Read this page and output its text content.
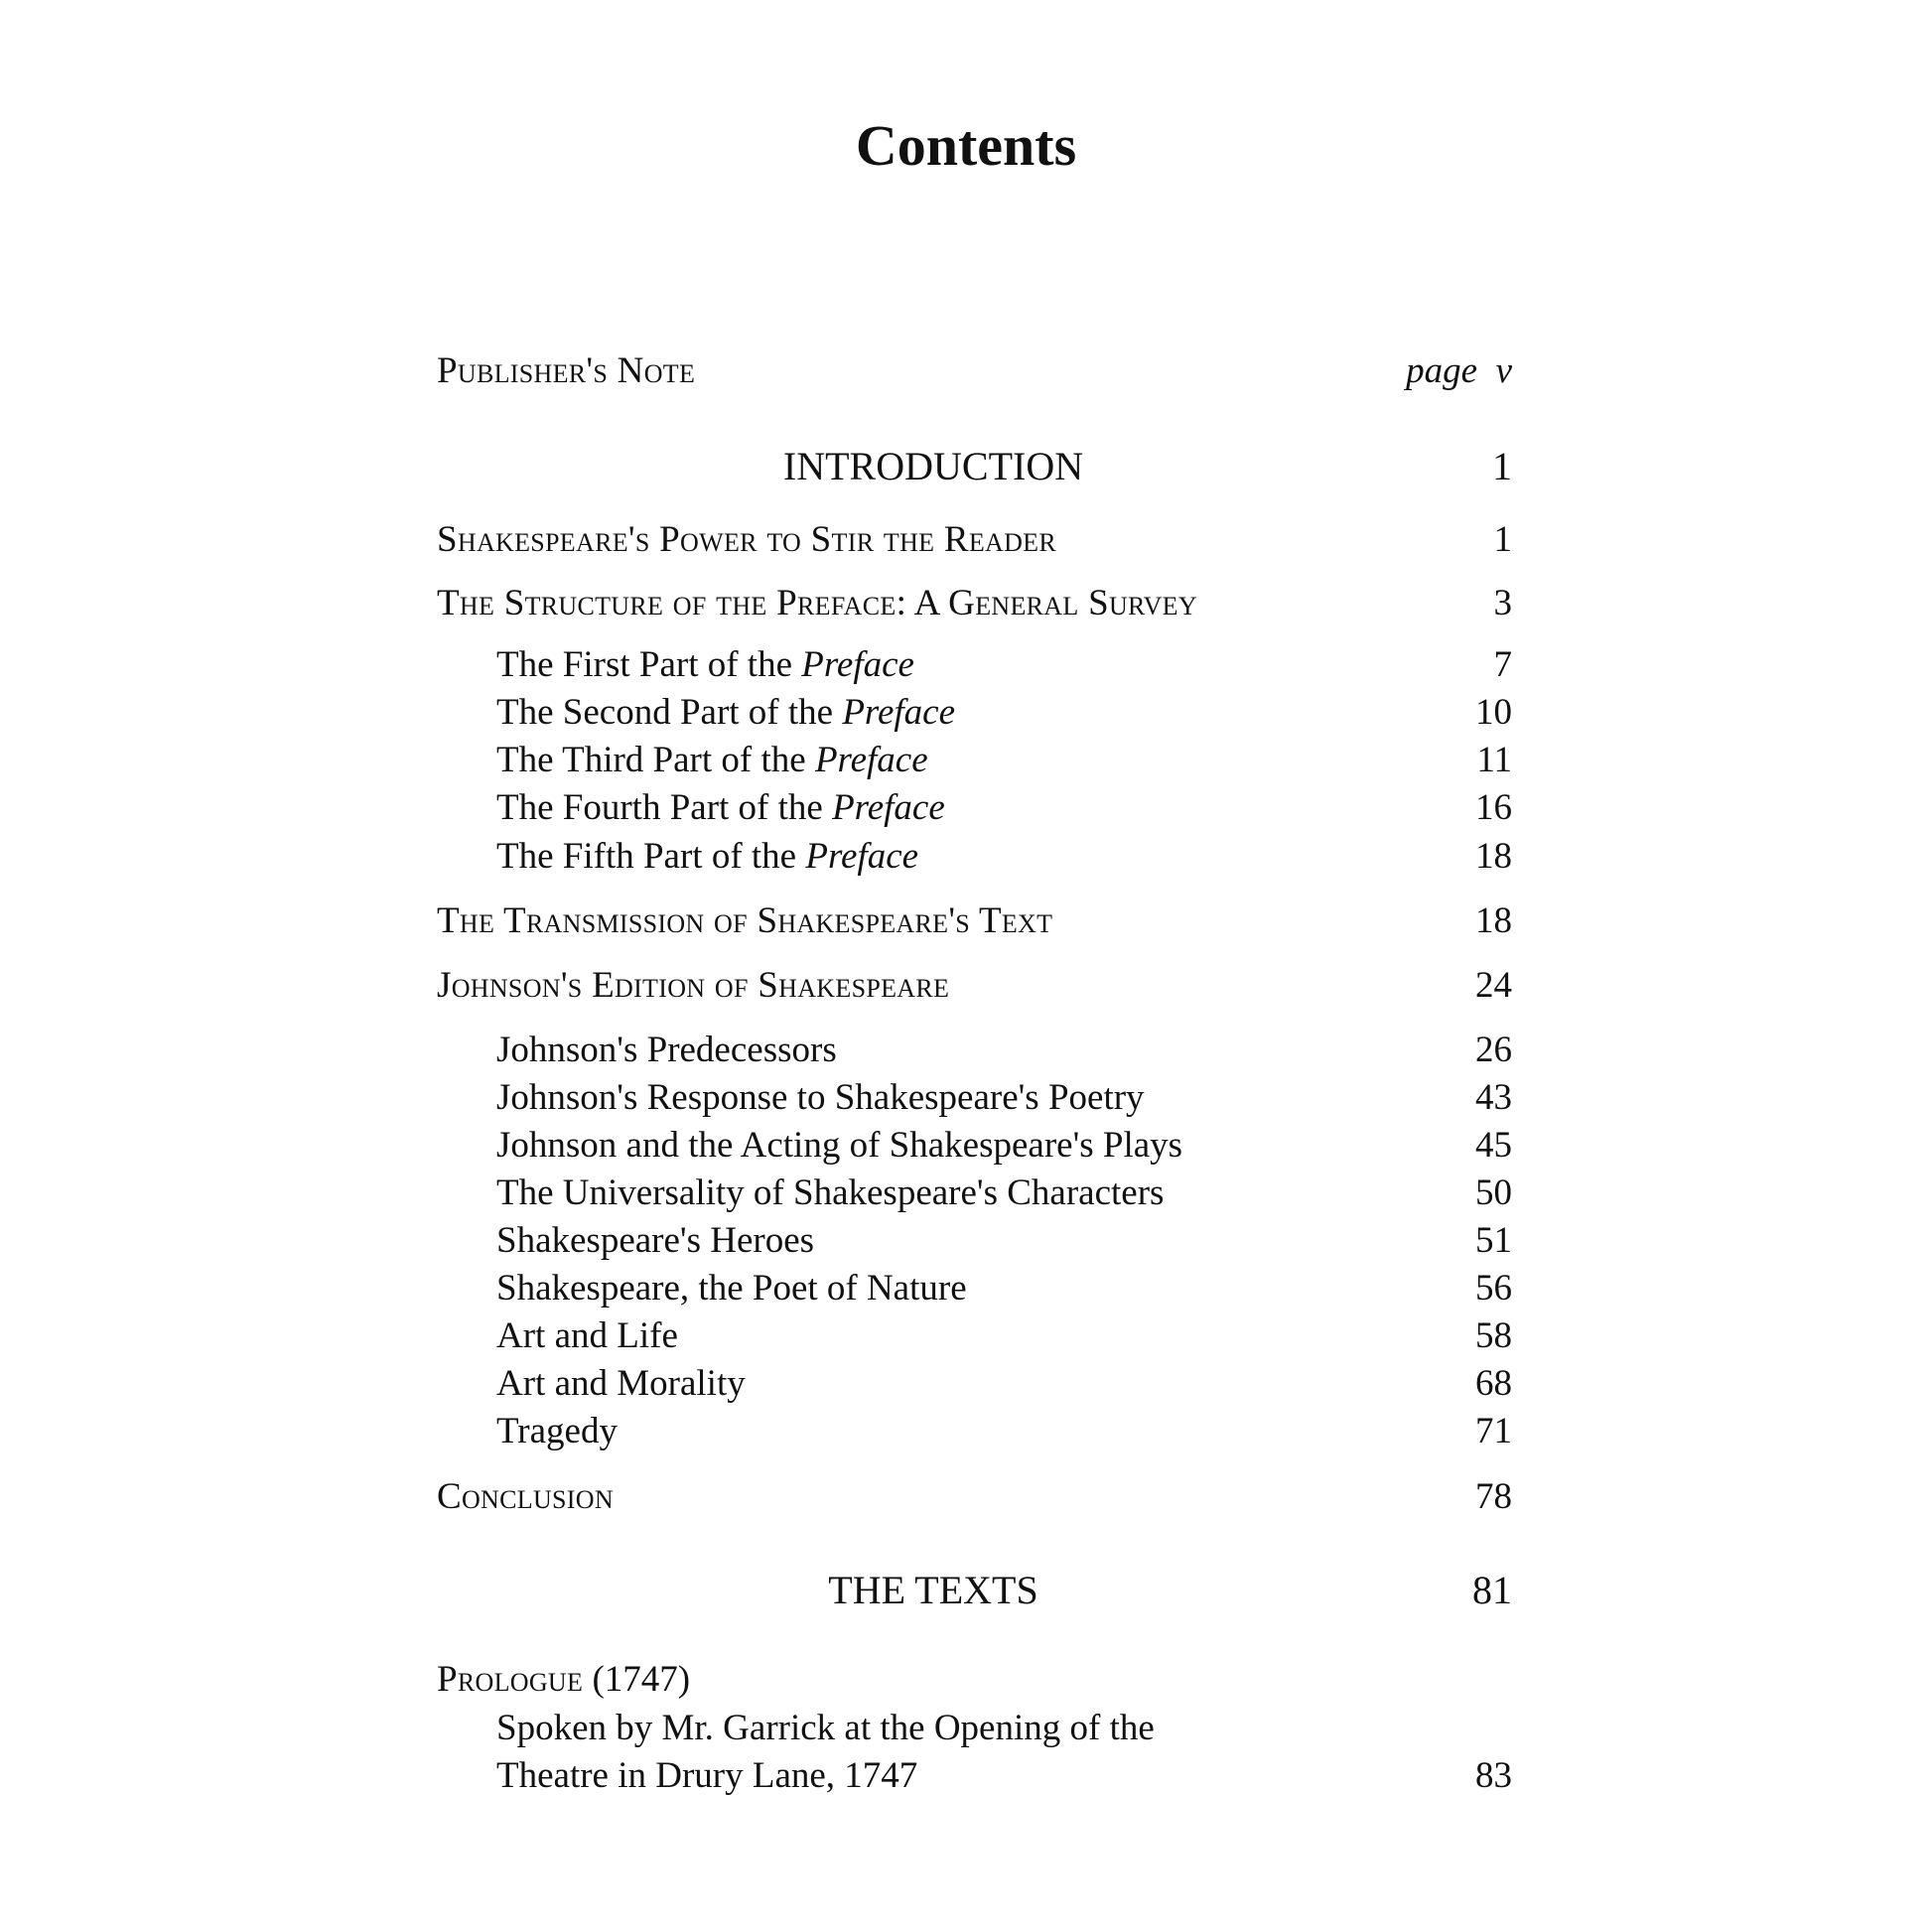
Contents
Publisher's Note	page v
INTRODUCTION	1
Shakespeare's Power to Stir the Reader	1
The Structure of the Preface: A General Survey	3
The First Part of the Preface	7
The Second Part of the Preface	10
The Third Part of the Preface	11
The Fourth Part of the Preface	16
The Fifth Part of the Preface	18
The Transmission of Shakespeare's Text	18
Johnson's Edition of Shakespeare	24
Johnson's Predecessors	26
Johnson's Response to Shakespeare's Poetry	43
Johnson and the Acting of Shakespeare's Plays	45
The Universality of Shakespeare's Characters	50
Shakespeare's Heroes	51
Shakespeare, the Poet of Nature	56
Art and Life	58
Art and Morality	68
Tragedy	71
Conclusion	78
THE TEXTS	81
Prologue (1747)
Spoken by Mr. Garrick at the Opening of the
Theatre in Drury Lane, 1747	83
